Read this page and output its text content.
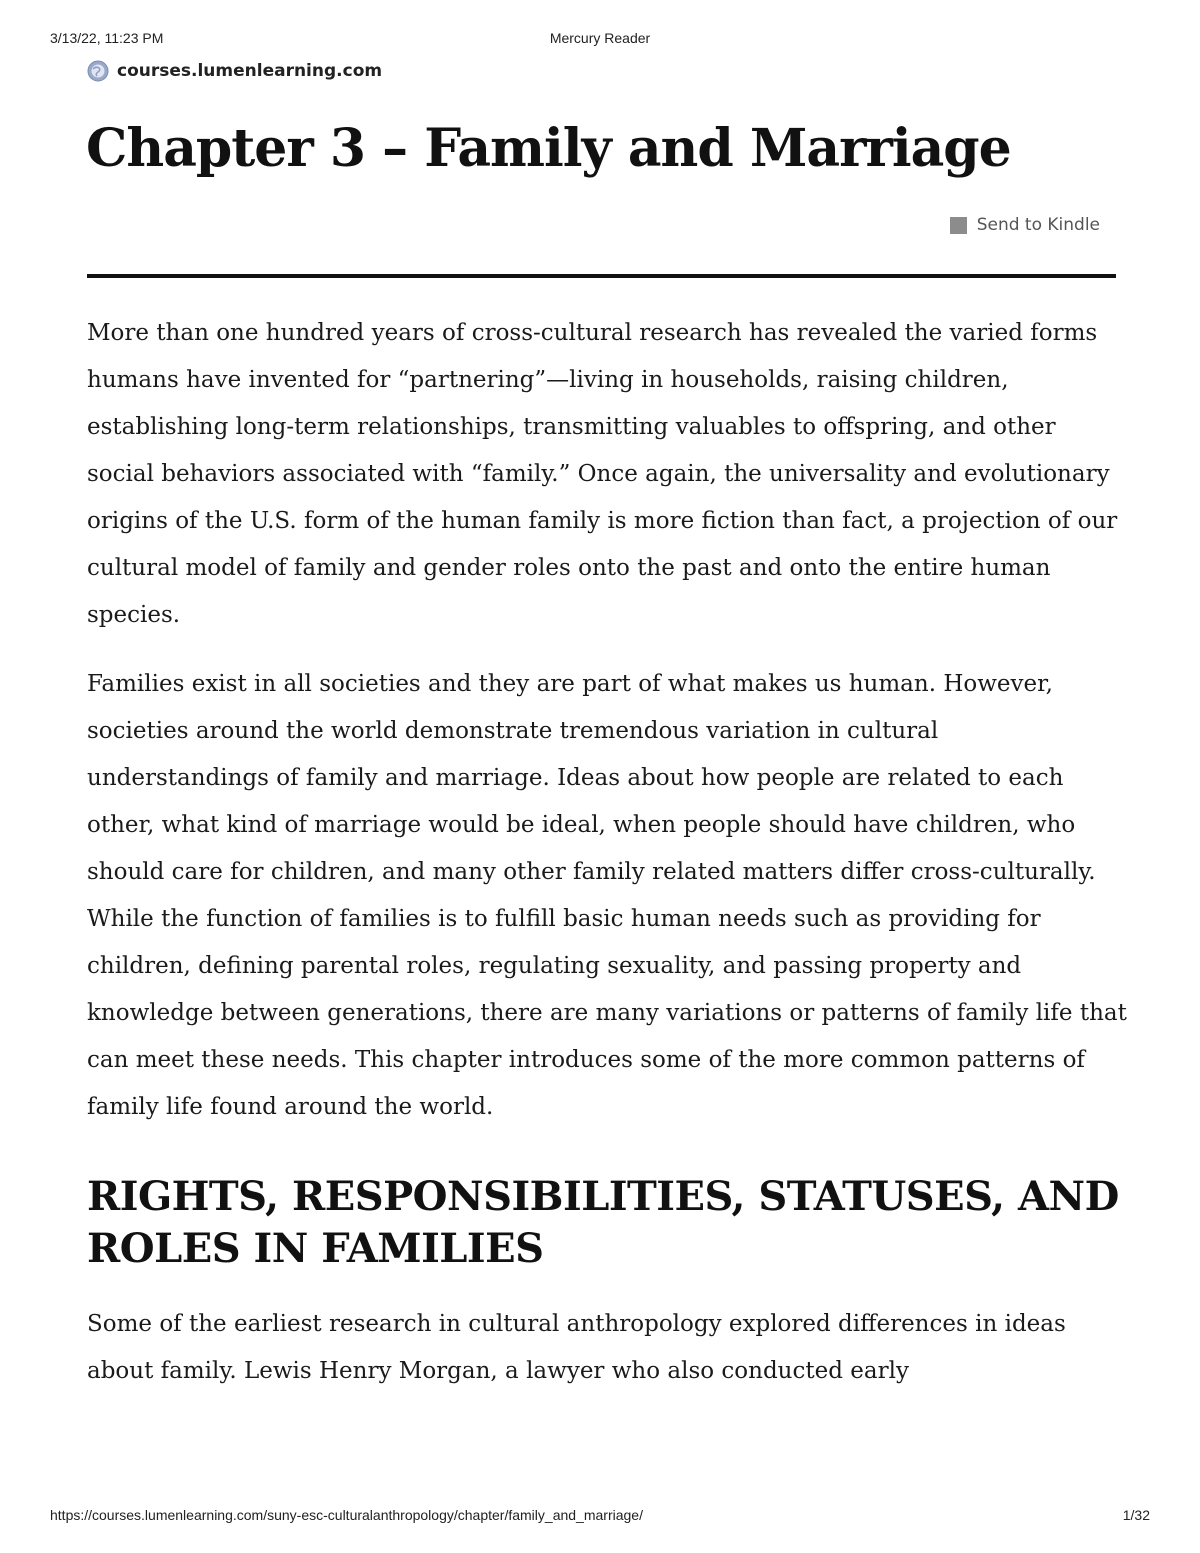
3/13/22, 11:23 PM	Mercury Reader
courses.lumenlearning.com
Chapter 3 – Family and Marriage
Send to Kindle

More than one hundred years of cross-cultural research has revealed the varied forms humans have invented for “partnering”—living in households, raising children, establishing long-term relationships, transmitting valuables to offspring, and other social behaviors associated with “family.” Once again, the universality and evolutionary origins of the U.S. form of the human family is more fiction than fact, a projection of our cultural model of family and gender roles onto the past and onto the entire human species.

Families exist in all societies and they are part of what makes us human. However, societies around the world demonstrate tremendous variation in cultural understandings of family and marriage. Ideas about how people are related to each other, what kind of marriage would be ideal, when people should have children, who should care for children, and many other family related matters differ cross-culturally. While the function of families is to fulfill basic human needs such as providing for children, defining parental roles, regulating sexuality, and passing property and knowledge between generations, there are many variations or patterns of family life that can meet these needs. This chapter introduces some of the more common patterns of family life found around the world.

RIGHTS, RESPONSIBILITIES, STATUSES, AND ROLES IN FAMILIES

Some of the earliest research in cultural anthropology explored differences in ideas about family. Lewis Henry Morgan, a lawyer who also conducted early

https://courses.lumenlearning.com/suny-esc-culturalanthropology/chapter/family_and_marriage/	1/32
